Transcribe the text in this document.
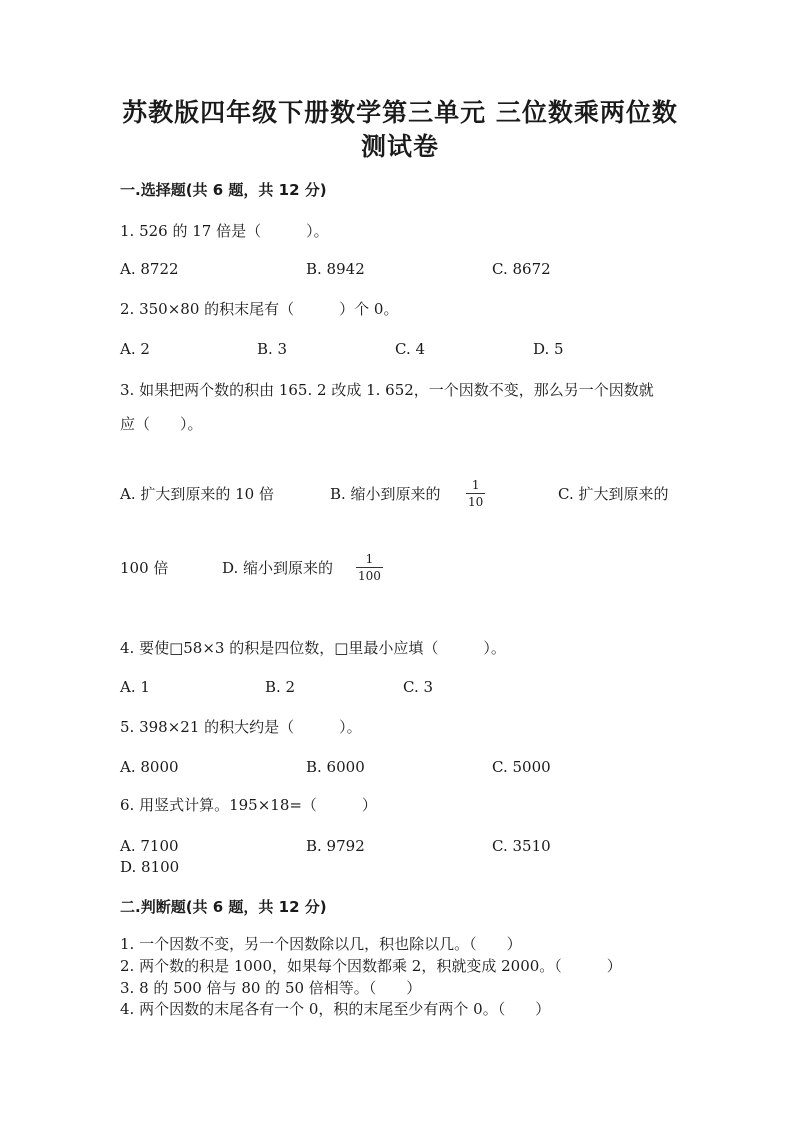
苏教版四年级下册数学第三单元 三位数乘两位数
测试卷
一.选择题(共 6 题，共 12 分)
1. 526 的 17 倍是（　　　）。
A. 8722	B. 8942	C. 8672
2. 350×80 的积末尾有（　　　）个 0。
A. 2	B. 3	C. 4	D. 5
3. 如果把两个数的积由 165. 2 改成 1. 652，一个因数不变，那么另一个因数就
应（　　）。
A. 扩大到原来的 10 倍	B. 缩小到原来的	1
10	C. 扩大到原来的
100 倍	D. 缩小到原来的	1
100
4. 要使□58×3 的积是四位数，□里最小应填（　　　）。
A. 1	B. 2	C. 3
5. 398×21 的积大约是（　　　）。
A. 8000	B. 6000	C. 5000
6. 用竖式计算。195×18=（　　　）
A. 7100	B. 9792	C. 3510
D. 8100
二.判断题(共 6 题，共 12 分)
1. 一个因数不变，另一个因数除以几，积也除以几。（　　）
2. 两个数的积是 1000，如果每个因数都乘 2，积就变成 2000。（　　　）
3. 8 的 500 倍与 80 的 50 倍相等。（　　）
4. 两个因数的末尾各有一个 0，积的末尾至少有两个 0。（　　）
